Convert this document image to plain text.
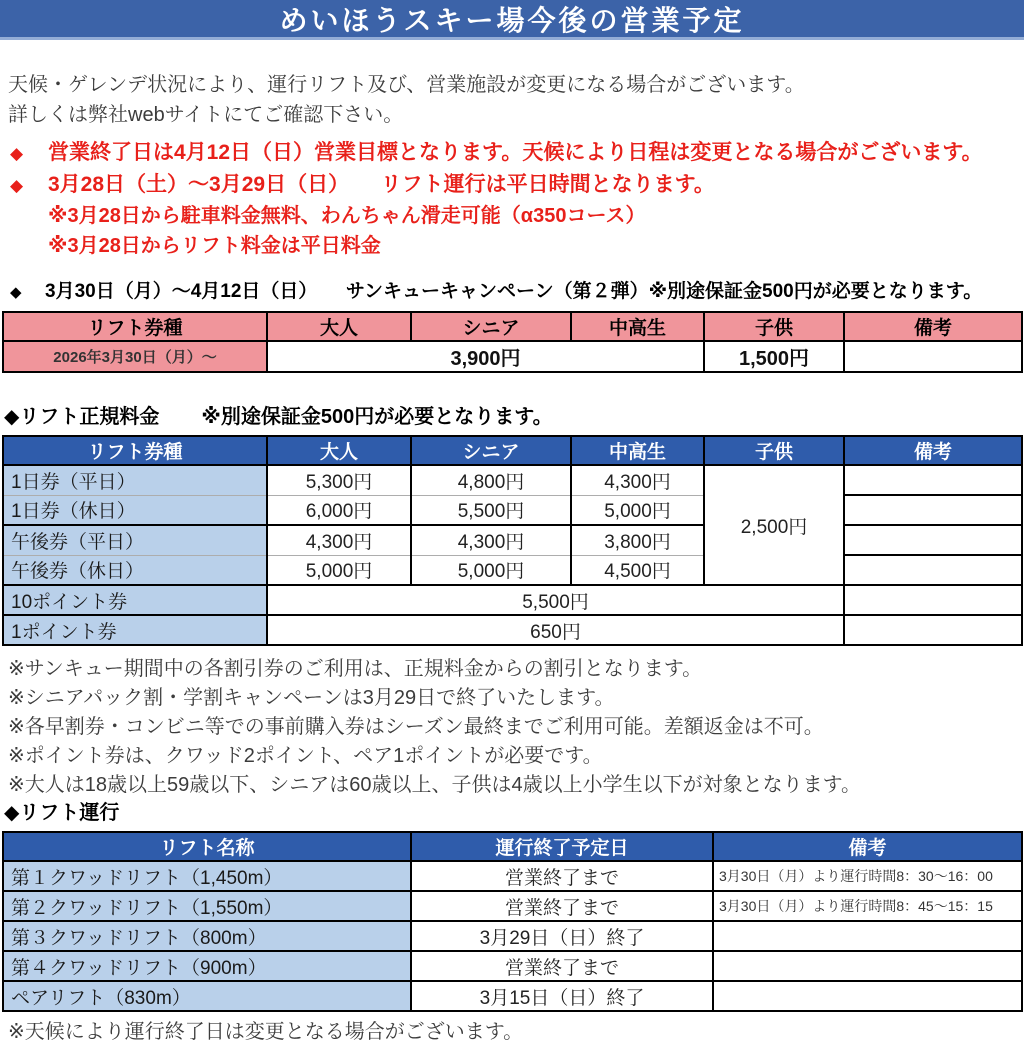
めいほうスキー場今後の営業予定
天候・ゲレンデ状況により、運行リフト及び、営業施設が変更になる場合がございます。
詳しくは弊社webサイトにてご確認下さい。
◆	営業終了日は4月12日（日）営業目標となります。天候により日程は変更となる場合がございます。
◆	3月28日（土）～3月29日（日）　　リフト運行は平日時間となります。
※3月28日から駐車料金無料、わんちゃん滑走可能（α350コース）
※3月28日からリフト料金は平日料金
◆	3月30日（月）～4月12日（日）　　サンキューキャンペーン（第２弾）※別途保証金500円が必要となります。
リフト券種	大人	シニア	中高生	子供	備考
2026年3月30日（月）～	3,900円			1,500円	
◆リフト正規料金 ※別途保証金500円が必要となります。
リフト券種	大人	シニア	中高生	子供	備考
1日券（平日）	5,300円	4,800円	4,300円	2,500円	
1日券（休日）	6,000円	5,500円	5,000円		
午後券（平日）	4,300円	4,300円	3,800円		
午後券（休日）	5,000円	5,000円	4,500円		
10ポイント券	5,500円				
1ポイント券	650円				
※サンキュー期間中の各割引券のご利用は、正規料金からの割引となります。
※シニアパック割・学割キャンペーンは3月29日で終了いたします。
※各早割券・コンビニ等での事前購入券はシーズン最終までご利用可能。差額返金は不可。
※ポイント券は、クワッド2ポイント、ペア1ポイントが必要です。
※大人は18歳以上59歳以下、シニアは60歳以上、子供は4歳以上小学生以下が対象となります。
◆リフト運行
リフト名称	運行終了予定日	備考
第１クワッドリフト（1,450m）	営業終了まで	3月30日（月）より運行時間8：30～16：00
第２クワッドリフト（1,550m）	営業終了まで	3月30日（月）より運行時間8：45～15：15
第３クワッドリフト（800m）	3月29日（日）終了	
第４クワッドリフト（900m）	営業終了まで	
ペアリフト（830m）	3月15日（日）終了	
※天候により運行終了日は変更となる場合がございます。
